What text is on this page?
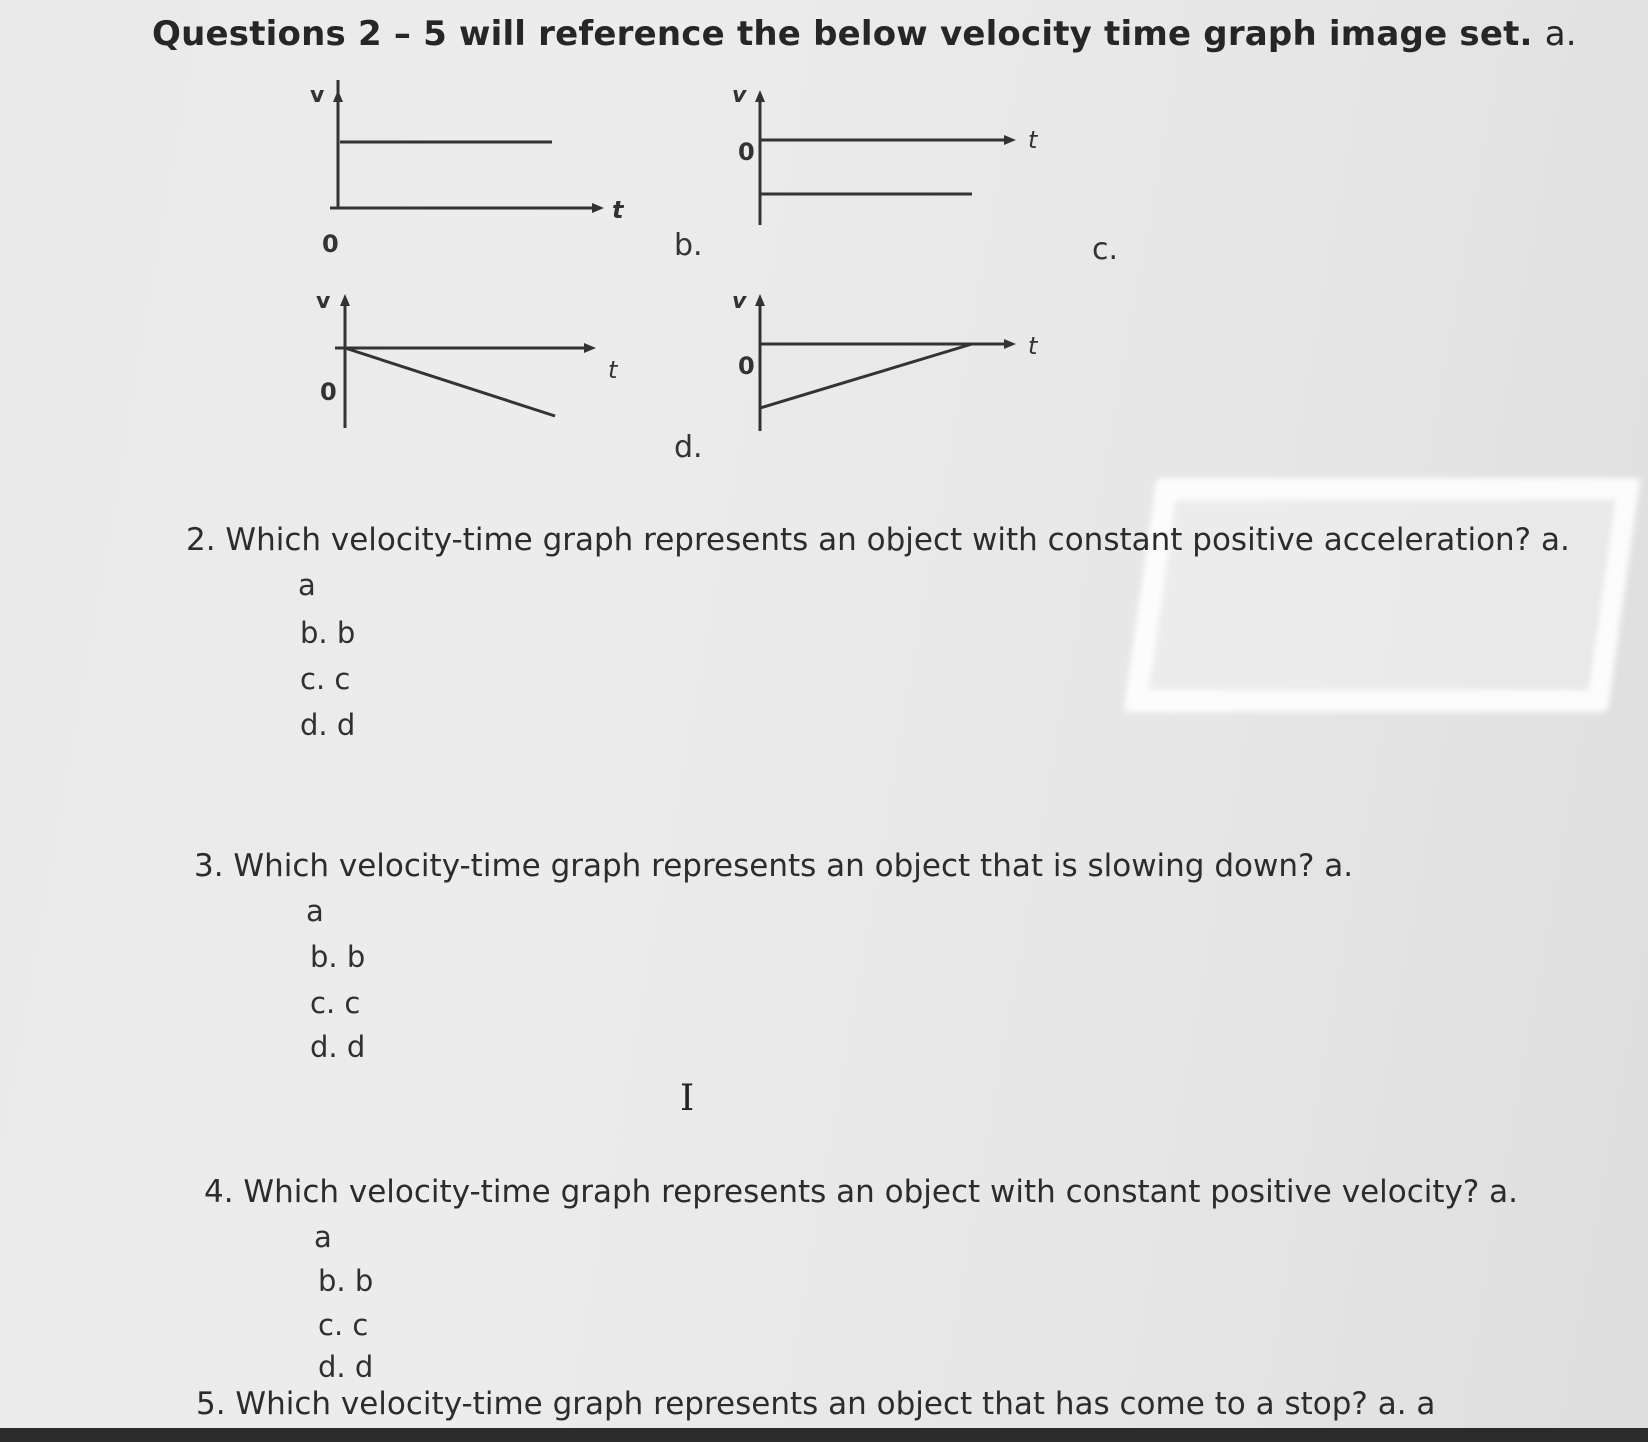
Questions 2 – 5 will reference the below velocity time graph image set. a.
v
t
0
v
t
0
v
t
0
v
t
0
b.	c.
d.
2. Which velocity-time graph represents an object with constant positive acceleration? a.
a
b. b
c. c
d. d
3. Which velocity-time graph represents an object that is slowing down? a.
a
b. b
c. c
d. d
I
4. Which velocity-time graph represents an object with constant positive velocity? a.
a
b. b
c. c
d. d
5. Which velocity-time graph represents an object that has come to a stop? a. a
